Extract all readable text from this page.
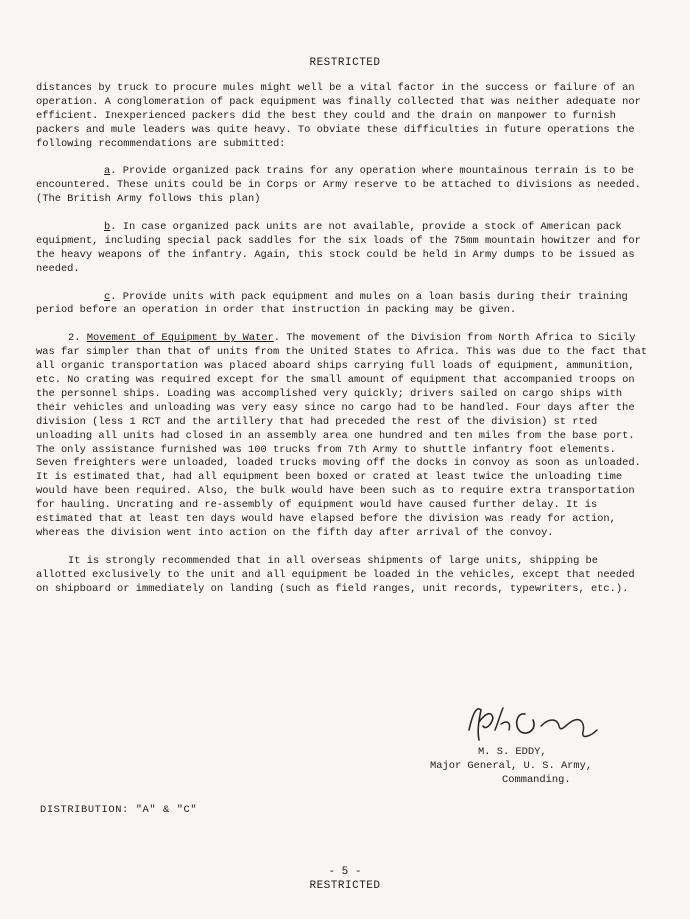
RESTRICTED

distances by truck to procure mules might well be a vital factor in the success or failure of an operation. A conglomeration of pack equipment was finally collected that was neither adequate nor efficient. Inexperienced packers did the best they could and the drain on manpower to furnish packers and mule leaders was quite heavy. To obviate these difficulties in future operations the following recommendations are submitted:

a. Provide organized pack trains for any operation where mountainous terrain is to be encountered. These units could be in Corps or Army reserve to be attached to divisions as needed. (The British Army follows this plan)

b. In case organized pack units are not available, provide a stock of American pack equipment, including special pack saddles for the six loads of the 75mm mountain howitzer and for the heavy weapons of the infantry. Again, this stock could be held in Army dumps to be issued as needed.

c. Provide units with pack equipment and mules on a loan basis during their training period before an operation in order that instruction in packing may be given.

2. Movement of Equipment by Water. The movement of the Division from North Africa to Sicily was far simpler than that of units from the United States to Africa. This was due to the fact that all organic transportation was placed aboard ships carrying full loads of equipment, ammunition, etc. No crating was required except for the small amount of equipment that accompanied troops on the personnel ships. Loading was accomplished very quickly; drivers sailed on cargo ships with their vehicles and unloading was very easy since no cargo had to be handled. Four days after the division (less 1 RCT and the artillery that had preceded the rest of the division) st rted unloading all units had closed in an assembly area one hundred and ten miles from the base port. The only assistance furnished was 100 trucks from 7th Army to shuttle infantry foot elements. Seven freighters were unloaded, loaded trucks moving off the docks in convoy as soon as unloaded. It is estimated that, had all equipment been boxed or crated at least twice the unloading time would have been required. Also, the bulk would have been such as to require extra transportation for hauling. Uncrating and re-assembly of equipment would have caused further delay. It is estimated that at least ten days would have elapsed before the division was ready for action, whereas the division went into action on the fifth day after arrival of the convoy.

It is strongly recommended that in all overseas shipments of large units, shipping be allotted exclusively to the unit and all equipment be loaded in the vehicles, except that needed on shipboard or immediately on landing (such as field ranges, unit records, typewriters, etc.).

M. S. EDDY,
Major General, U. S. Army,
Commanding.
DISTRIBUTION: "A" & "C"
- 5 -
RESTRICTED
